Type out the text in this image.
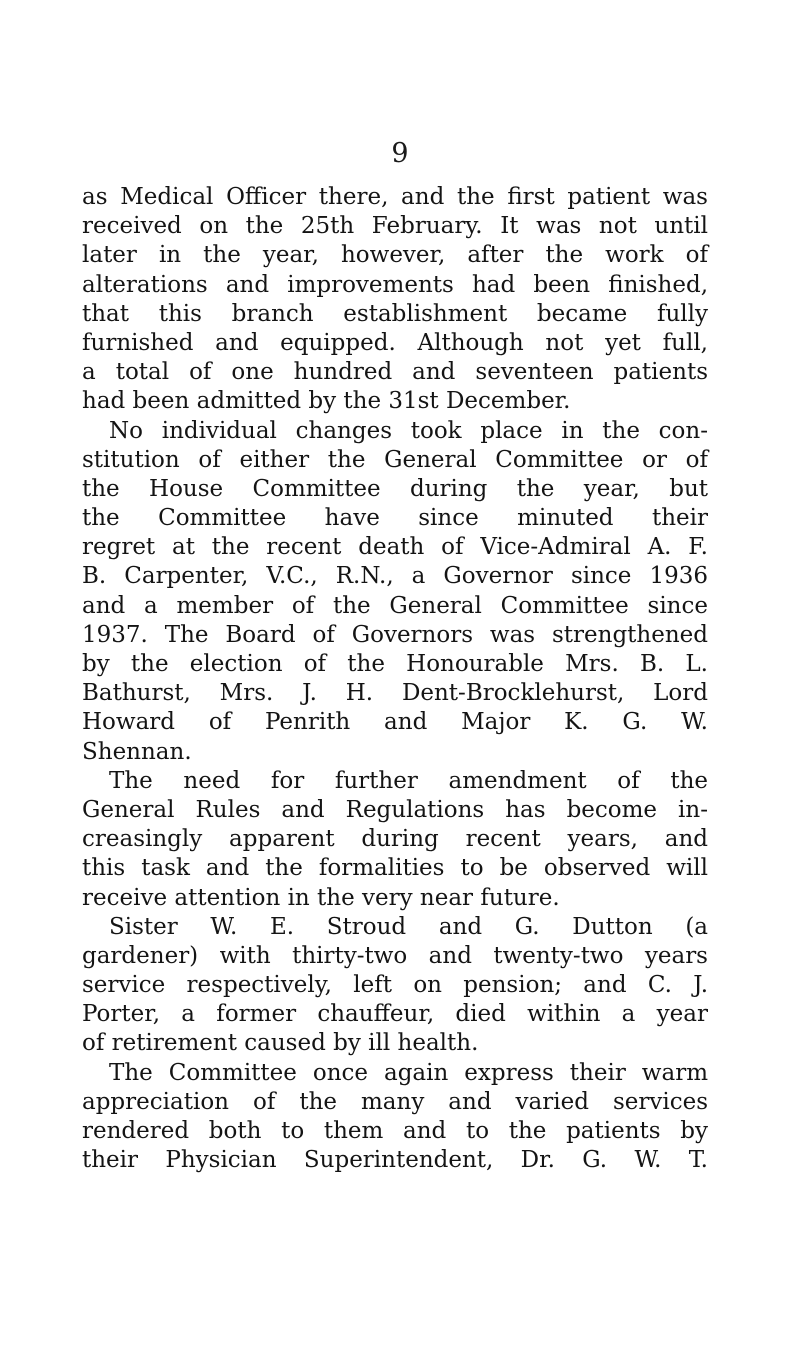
9
as Medical Officer there, and the first patient was
received on the 25th February. It was not until
later in the year, however, after the work of
alterations and improvements had been finished,
that this branch establishment became fully
furnished and equipped. Although not yet full,
a total of one hundred and seventeen patients
had been admitted by the 31st December.
No individual changes took place in the con-
stitution of either the General Committee or of
the House Committee during the year, but
the Committee have since minuted their
regret at the recent death of Vice-Admiral A. F.
B. Carpenter, V.C., R.N., a Governor since 1936
and a member of the General Committee since
1937. The Board of Governors was strengthened
by the election of the Honourable Mrs. B. L.
Bathurst, Mrs. J. H. Dent-Brocklehurst, Lord
Howard of Penrith and Major K. G. W.
Shennan.
The need for further amendment of the
General Rules and Regulations has become in-
creasingly apparent during recent years, and
this task and the formalities to be observed will
receive attention in the very near future.
Sister W. E. Stroud and G. Dutton (a
gardener) with thirty-two and twenty-two years
service respectively, left on pension; and C. J.
Porter, a former chauffeur, died within a year
of retirement caused by ill health.
The Committee once again express their warm
appreciation of the many and varied services
rendered both to them and to the patients by
their Physician Superintendent, Dr. G. W. T.
